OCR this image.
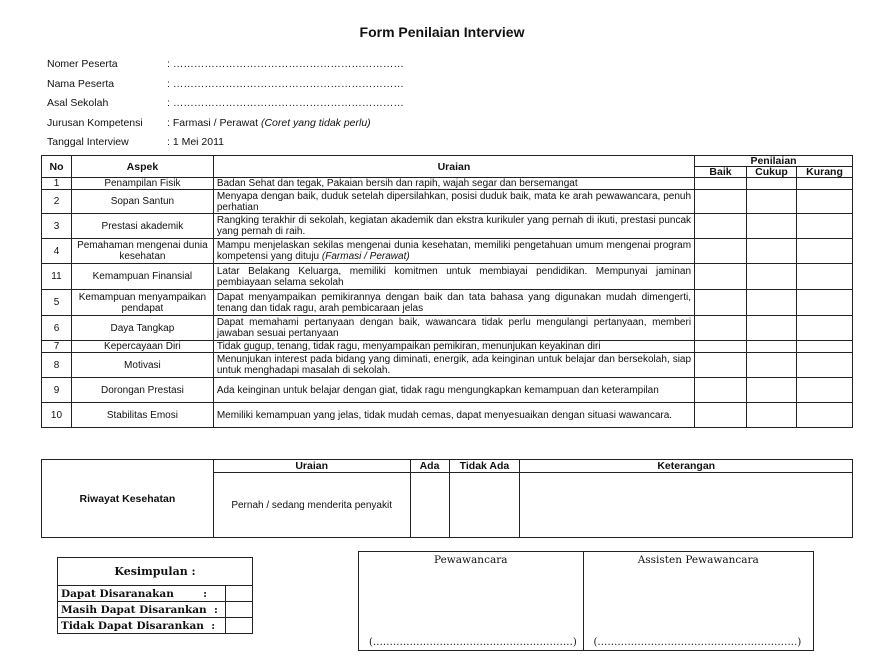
Form Penilaian Interview
Nomer Peserta	: …………………………………………………………
Nama Peserta	: …………………………………………………………
Asal Sekolah	: …………………………………………………………
Jurusan Kompetensi	: Farmasi / Perawat (Coret yang tidak perlu)
Tanggal Interview	: 1 Mei 2011
No	Aspek	Uraian	Penilaian		
			Baik	Cukup	Kurang
1	Penampilan Fisik	Badan Sehat dan tegak, Pakaian bersih dan rapih, wajah segar dan bersemangat			
2	Sopan Santun	Menyapa dengan baik, duduk setelah dipersilahkan, posisi duduk baik, mata ke arah pewawancara, penuh perhatian			
3	Prestasi akademik	Rangking terakhir di sekolah, kegiatan akademik dan ekstra kurikuler yang pernah di ikuti, prestasi puncak yang pernah di raih.			
4	Pemahaman mengenai dunia kesehatan	Mampu menjelaskan sekilas mengenai dunia kesehatan, memiliki pengetahuan umum mengenai program kompetensi yang dituju (Farmasi / Perawat)			
11	Kemampuan Finansial	Latar Belakang Keluarga, memiliki komitmen untuk membiayai pendidikan. Mempunyai jaminan pembiayaan selama sekolah			
5	Kemampuan menyampaikan pendapat	Dapat menyampaikan pemikirannya dengan baik dan tata bahasa yang digunakan mudah dimengerti, tenang dan tidak ragu, arah pembicaraan jelas			
6	Daya Tangkap	Dapat memahami pertanyaan dengan baik, wawancara tidak perlu mengulangi pertanyaan, memberi jawaban sesuai pertanyaan			
7	Kepercayaan Diri	Tidak gugup, tenang, tidak ragu, menyampaikan pemikiran, menunjukan keyakinan diri			
8	Motivasi	Menunjukan interest pada bidang yang diminati, energik, ada keinginan untuk belajar dan bersekolah, siap untuk menghadapi masalah di sekolah.			
9	Dorongan Prestasi	Ada keinginan untuk belajar dengan giat, tidak ragu mengungkapkan kemampuan dan keterampilan			
10	Stabilitas Emosi	Memiliki kemampuan yang jelas, tidak mudah cemas, dapat menyesuaikan dengan situasi wawancara.			
Riwayat Kesehatan	Uraian	Ada	Tidak Ada	Keterangan
	Pernah / sedang menderita penyakit			
Kesimpulan :	
Dapat Disaranakan        :	
Masih Dapat Disarankan  :	
Tidak Dapat Disarankan  :	
Pewawancara
(……………………………………………………)
	Assisten Pewawancara
(……………………………………………………)
